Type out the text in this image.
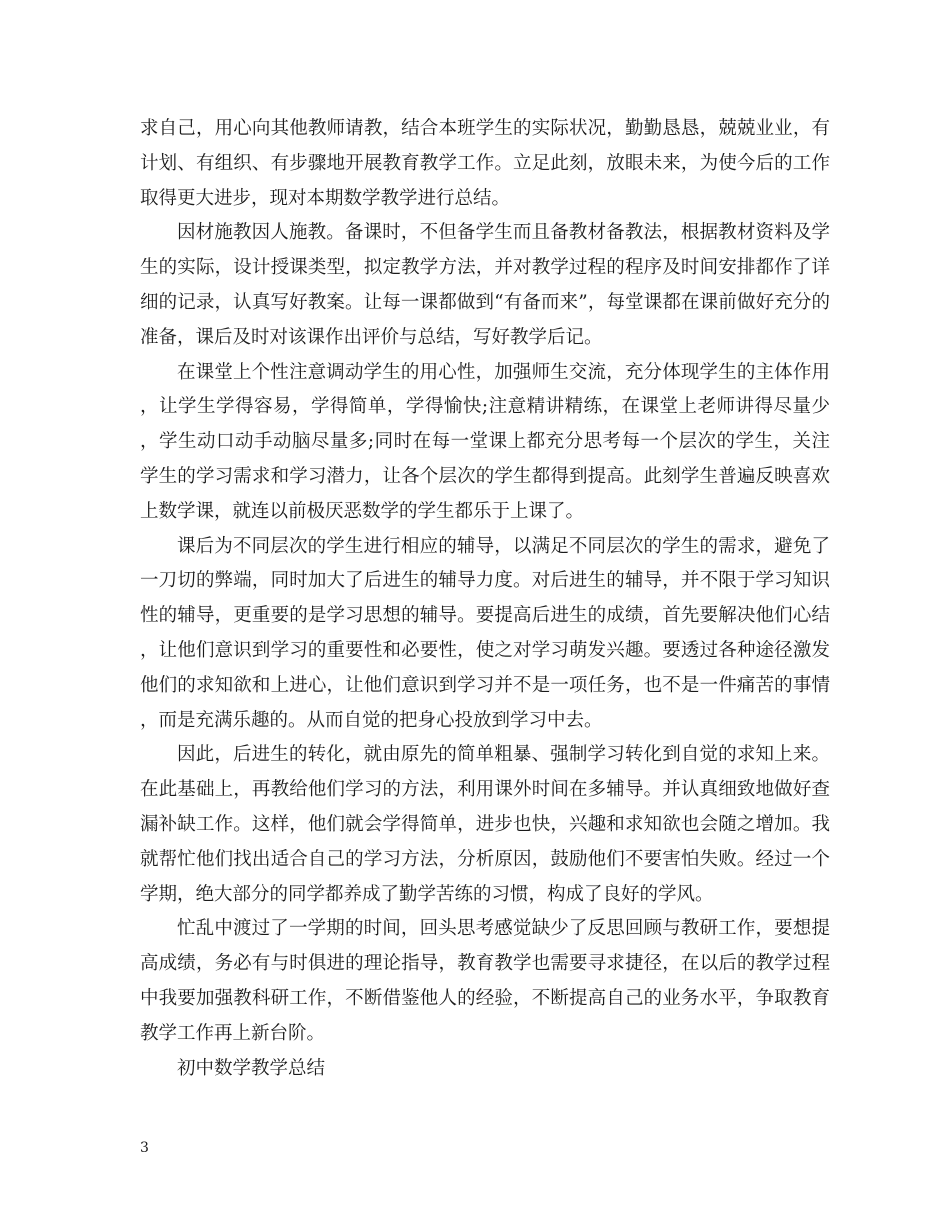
求自己，用心向其他教师请教，结合本班学生的实际状况，勤勤恳恳，兢兢业业，有计划、有组织、有步骤地开展教育教学工作。立足此刻，放眼未来，为使今后的工作取得更大进步，现对本期数学教学进行总结。

因材施教因人施教。备课时，不但备学生而且备教材备教法，根据教材资料及学生的实际，设计授课类型，拟定教学方法，并对教学过程的程序及时间安排都作了详细的记录，认真写好教案。让每一课都做到“有备而来”，每堂课都在课前做好充分的准备，课后及时对该课作出评价与总结，写好教学后记。

在课堂上个性注意调动学生的用心性，加强师生交流，充分体现学生的主体作用，让学生学得容易，学得简单，学得愉快;注意精讲精练，在课堂上老师讲得尽量少，学生动口动手动脑尽量多;同时在每一堂课上都充分思考每一个层次的学生，关注学生的学习需求和学习潜力，让各个层次的学生都得到提高。此刻学生普遍反映喜欢上数学课，就连以前极厌恶数学的学生都乐于上课了。

课后为不同层次的学生进行相应的辅导，以满足不同层次的学生的需求，避免了一刀切的弊端，同时加大了后进生的辅导力度。对后进生的辅导，并不限于学习知识性的辅导，更重要的是学习思想的辅导。要提高后进生的成绩，首先要解决他们心结，让他们意识到学习的重要性和必要性，使之对学习萌发兴趣。要透过各种途径激发他们的求知欲和上进心，让他们意识到学习并不是一项任务，也不是一件痛苦的事情，而是充满乐趣的。从而自觉的把身心投放到学习中去。

因此，后进生的转化，就由原先的简单粗暴、强制学习转化到自觉的求知上来。在此基础上，再教给他们学习的方法，利用课外时间在多辅导。并认真细致地做好查漏补缺工作。这样，他们就会学得简单，进步也快，兴趣和求知欲也会随之增加。我就帮忙他们找出适合自己的学习方法，分析原因，鼓励他们不要害怕失败。经过一个学期，绝大部分的同学都养成了勤学苦练的习惯，构成了良好的学风。

忙乱中渡过了一学期的时间，回头思考感觉缺少了反思回顾与教研工作，要想提高成绩，务必有与时俱进的理论指导，教育教学也需要寻求捷径，在以后的教学过程中我要加强教科研工作，不断借鉴他人的经验，不断提高自己的业务水平，争取教育教学工作再上新台阶。

初中数学教学总结

3
